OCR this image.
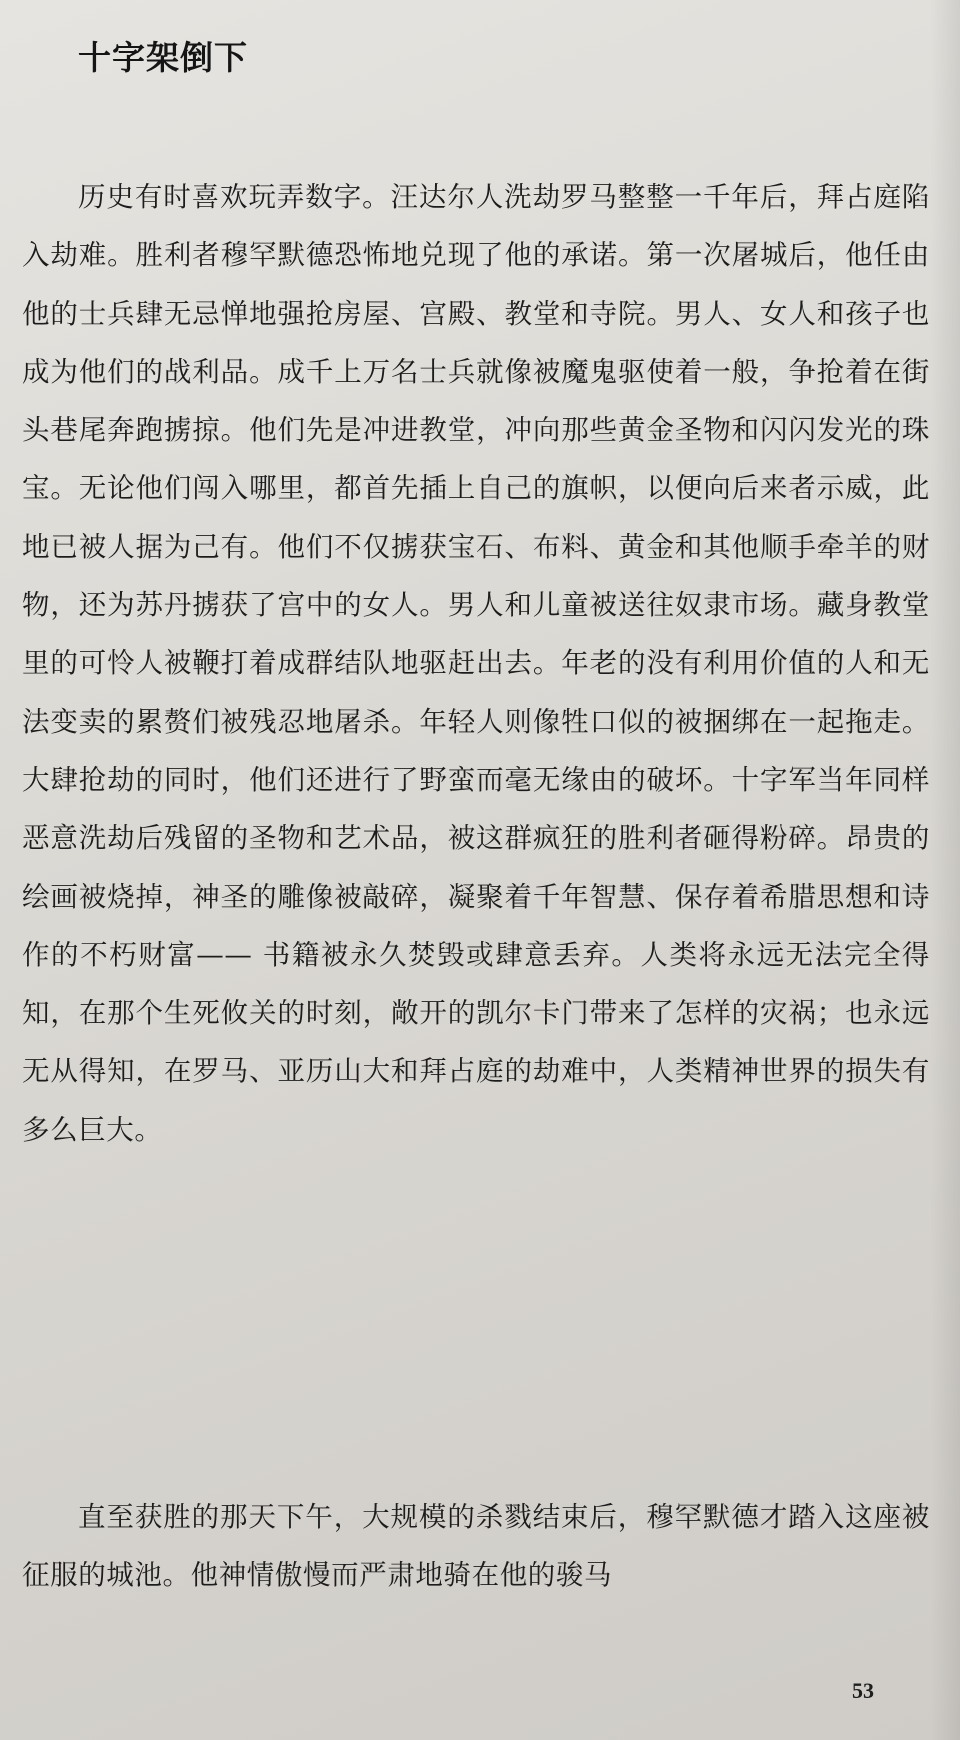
十字架倒下

历史有时喜欢玩弄数字。汪达尔人洗劫罗马整整一千年后，拜占庭陷入劫难。胜利者穆罕默德恐怖地兑现了他的承诺。第一次屠城后，他任由他的士兵肆无忌惮地强抢房屋、宫殿、教堂和寺院。男人、女人和孩子也成为他们的战利品。成千上万名士兵就像被魔鬼驱使着一般，争抢着在街头巷尾奔跑掳掠。他们先是冲进教堂，冲向那些黄金圣物和闪闪发光的珠宝。无论他们闯入哪里，都首先插上自己的旗帜，以便向后来者示威，此地已被人据为己有。他们不仅掳获宝石、布料、黄金和其他顺手牵羊的财物，还为苏丹掳获了宫中的女人。男人和儿童被送往奴隶市场。藏身教堂里的可怜人被鞭打着成群结队地驱赶出去。年老的没有利用价值的人和无法变卖的累赘们被残忍地屠杀。年轻人则像牲口似的被捆绑在一起拖走。大肆抢劫的同时，他们还进行了野蛮而毫无缘由的破坏。十字军当年同样恶意洗劫后残留的圣物和艺术品，被这群疯狂的胜利者砸得粉碎。昂贵的绘画被烧掉，神圣的雕像被敲碎，凝聚着千年智慧、保存着希腊思想和诗作的不朽财富—— 书籍被永久焚毁或肆意丢弃。人类将永远无法完全得知，在那个生死攸关的时刻，敞开的凯尔卡门带来了怎样的灾祸；也永远无从得知，在罗马、亚历山大和拜占庭的劫难中，人类精神世界的损失有多么巨大。

直至获胜的那天下午，大规模的杀戮结束后，穆罕默德才踏入这座被征服的城池。他神情傲慢而严肃地骑在他的骏马

53
